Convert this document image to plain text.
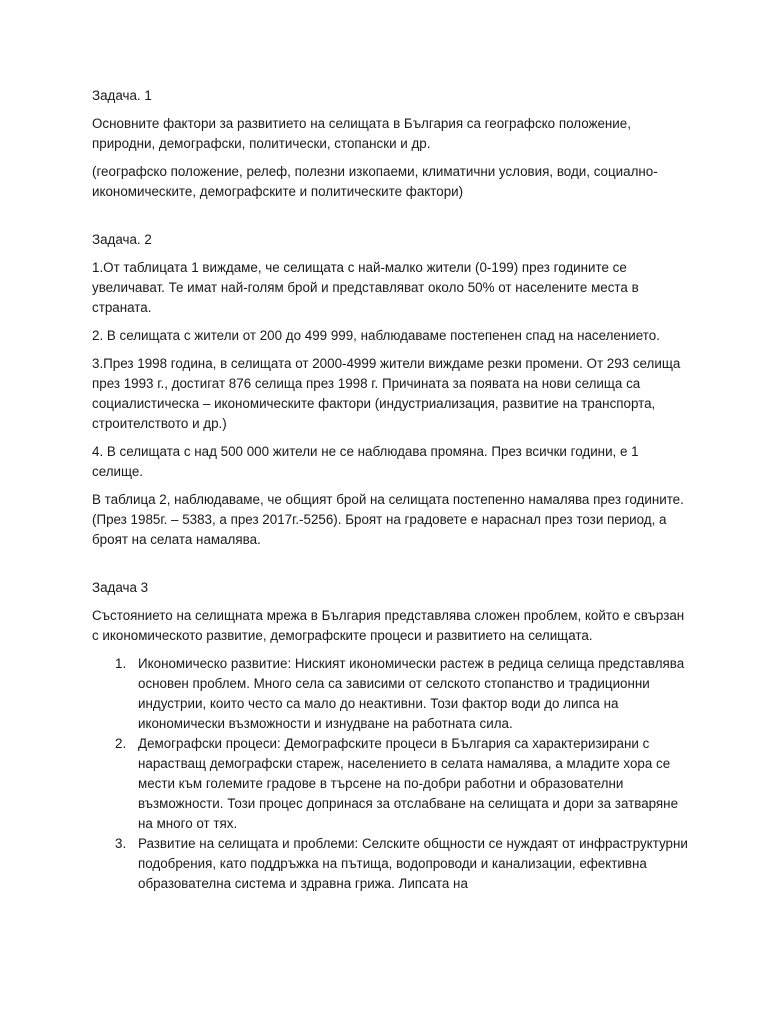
Задача. 1

Основните фактори за развитието на селищата в България са географско положение, природни, демографски, политически, стопански и др.

(географско положение, релеф, полезни изкопаеми, климатични условия, води, социално-икономическите, демографските и политическите фактори)

Задача. 2

1.От таблицата 1 виждаме, че селищата с най-малко жители (0-199) през годините се увеличават. Те имат най-голям брой и представляват около 50% от населените места в страната.

2. В селищата с жители от 200 до 499 999, наблюдаваме постепенен спад на населението.

3.През 1998 година, в селищата от 2000-4999 жители виждаме резки промени. От 293 селища през 1993 г., достигат 876 селища през 1998 г. Причината за появата на нови селища са социалистическа – икономическите фактори (индустриализация, развитие на транспорта, строителството и др.)

4. В селищата с над 500 000 жители не се наблюдава промяна. През всички години, е 1 селище.

В таблица 2, наблюдаваме, че общият брой на селищата постепенно намалява през годините. (През 1985г. – 5383, а през 2017г.-5256). Броят на градовете е нараснал през този период, а броят на селата намалява.

Задача 3

Състоянието на селищната мрежа в България представлява сложен проблем, който е свързан с икономическото развитие, демографските процеси и развитието на селищата.

1. Икономическо развитие: Ниският икономически растеж в редица селища представлява основен проблем. Много села са зависими от селското стопанство и традиционни индустрии, които често са мало до неактивни. Този фактор води до липса на икономически възможности и изнудване на работната сила.
2. Демографски процеси: Демографските процеси в България са характеризирани с нарастващ демографски стареж, населението в селата намалява, а младите хора се мести към големите градове в търсене на по-добри работни и образователни възможности. Този процес допринася за отслабване на селищата и дори за затваряне на много от тях.
3. Развитие на селищата и проблеми: Селските общности се нуждаят от инфраструктурни подобрения, като поддръжка на пътища, водопроводи и канализации, ефективна образователна система и здравна грижа. Липсата на
